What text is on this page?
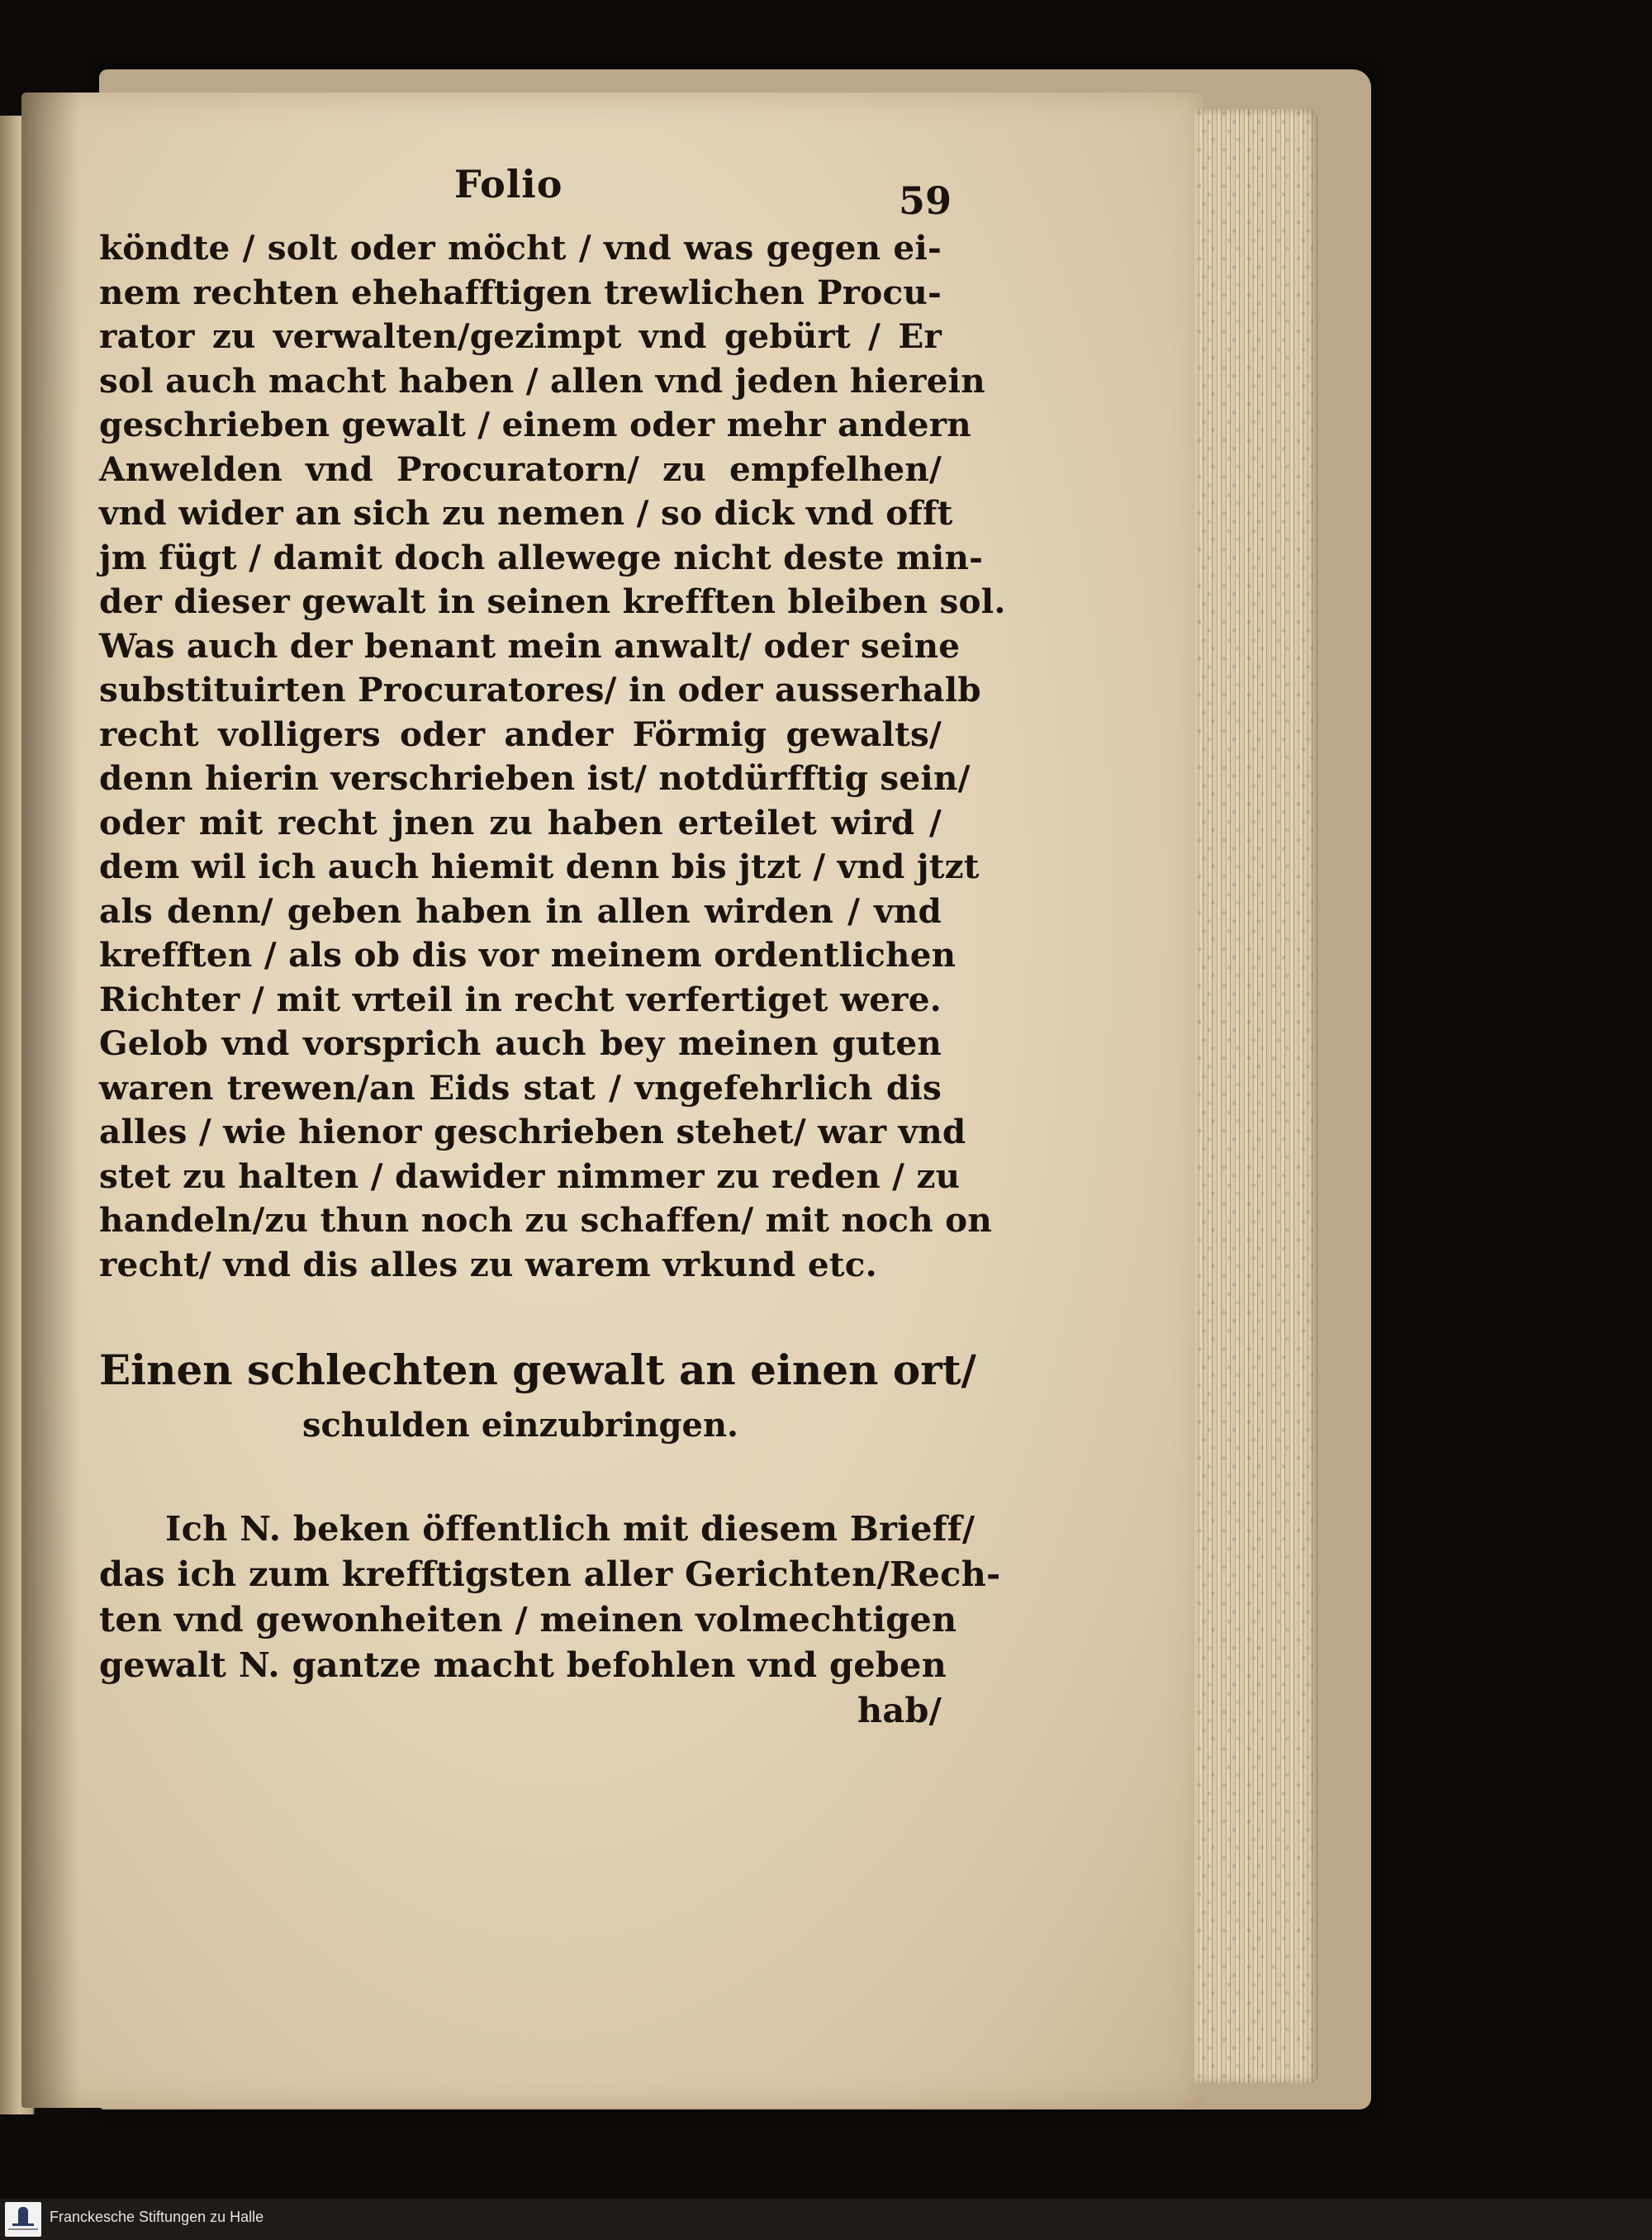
Folio	59
köndte / solt oder möcht / vnd was gegen ei-
nem rechten ehehafftigen trewlichen Procu-
rator zu verwalten/gezimpt vnd gebürt / Er
sol auch macht haben / allen vnd jeden hierein
geschrieben gewalt / einem oder mehr andern
Anwelden vnd Procuratorn/ zu empfelhen/
vnd wider an sich zu nemen / so dick vnd offt
jm fügt / damit doch allewege nicht deste min-
der dieser gewalt in seinen krefften bleiben sol.
Was auch der benant mein anwalt/ oder seine
substituirten Procuratores/ in oder ausserhalb
recht volligers oder ander Förmig gewalts/
denn hierin verschrieben ist/ notdürfftig sein/
oder mit recht jnen zu haben erteilet wird /
dem wil ich auch hiemit denn bis jtzt / vnd jtzt
als denn/ geben haben in allen wirden / vnd
krefften / als ob dis vor meinem ordentlichen
Richter / mit vrteil in recht verfertiget were.
Gelob vnd vorsprich auch bey meinen guten
waren trewen/an Eids stat / vngefehrlich dis
alles / wie hienor geschrieben stehet/ war vnd
stet zu halten / dawider nimmer zu reden / zu
handeln/zu thun noch zu schaffen/ mit noch on
recht/ vnd dis alles zu warem vrkund etc.
Einen schlechten gewalt an einen ort/
schulden einzubringen.
Ich N. beken öffentlich mit diesem Brieff/
das ich zum krefftigsten aller Gerichten/Rech-
ten vnd gewonheiten / meinen volmechtigen
gewalt N. gantze macht befohlen vnd geben
hab/
Franckesche Stiftungen zu Halle
